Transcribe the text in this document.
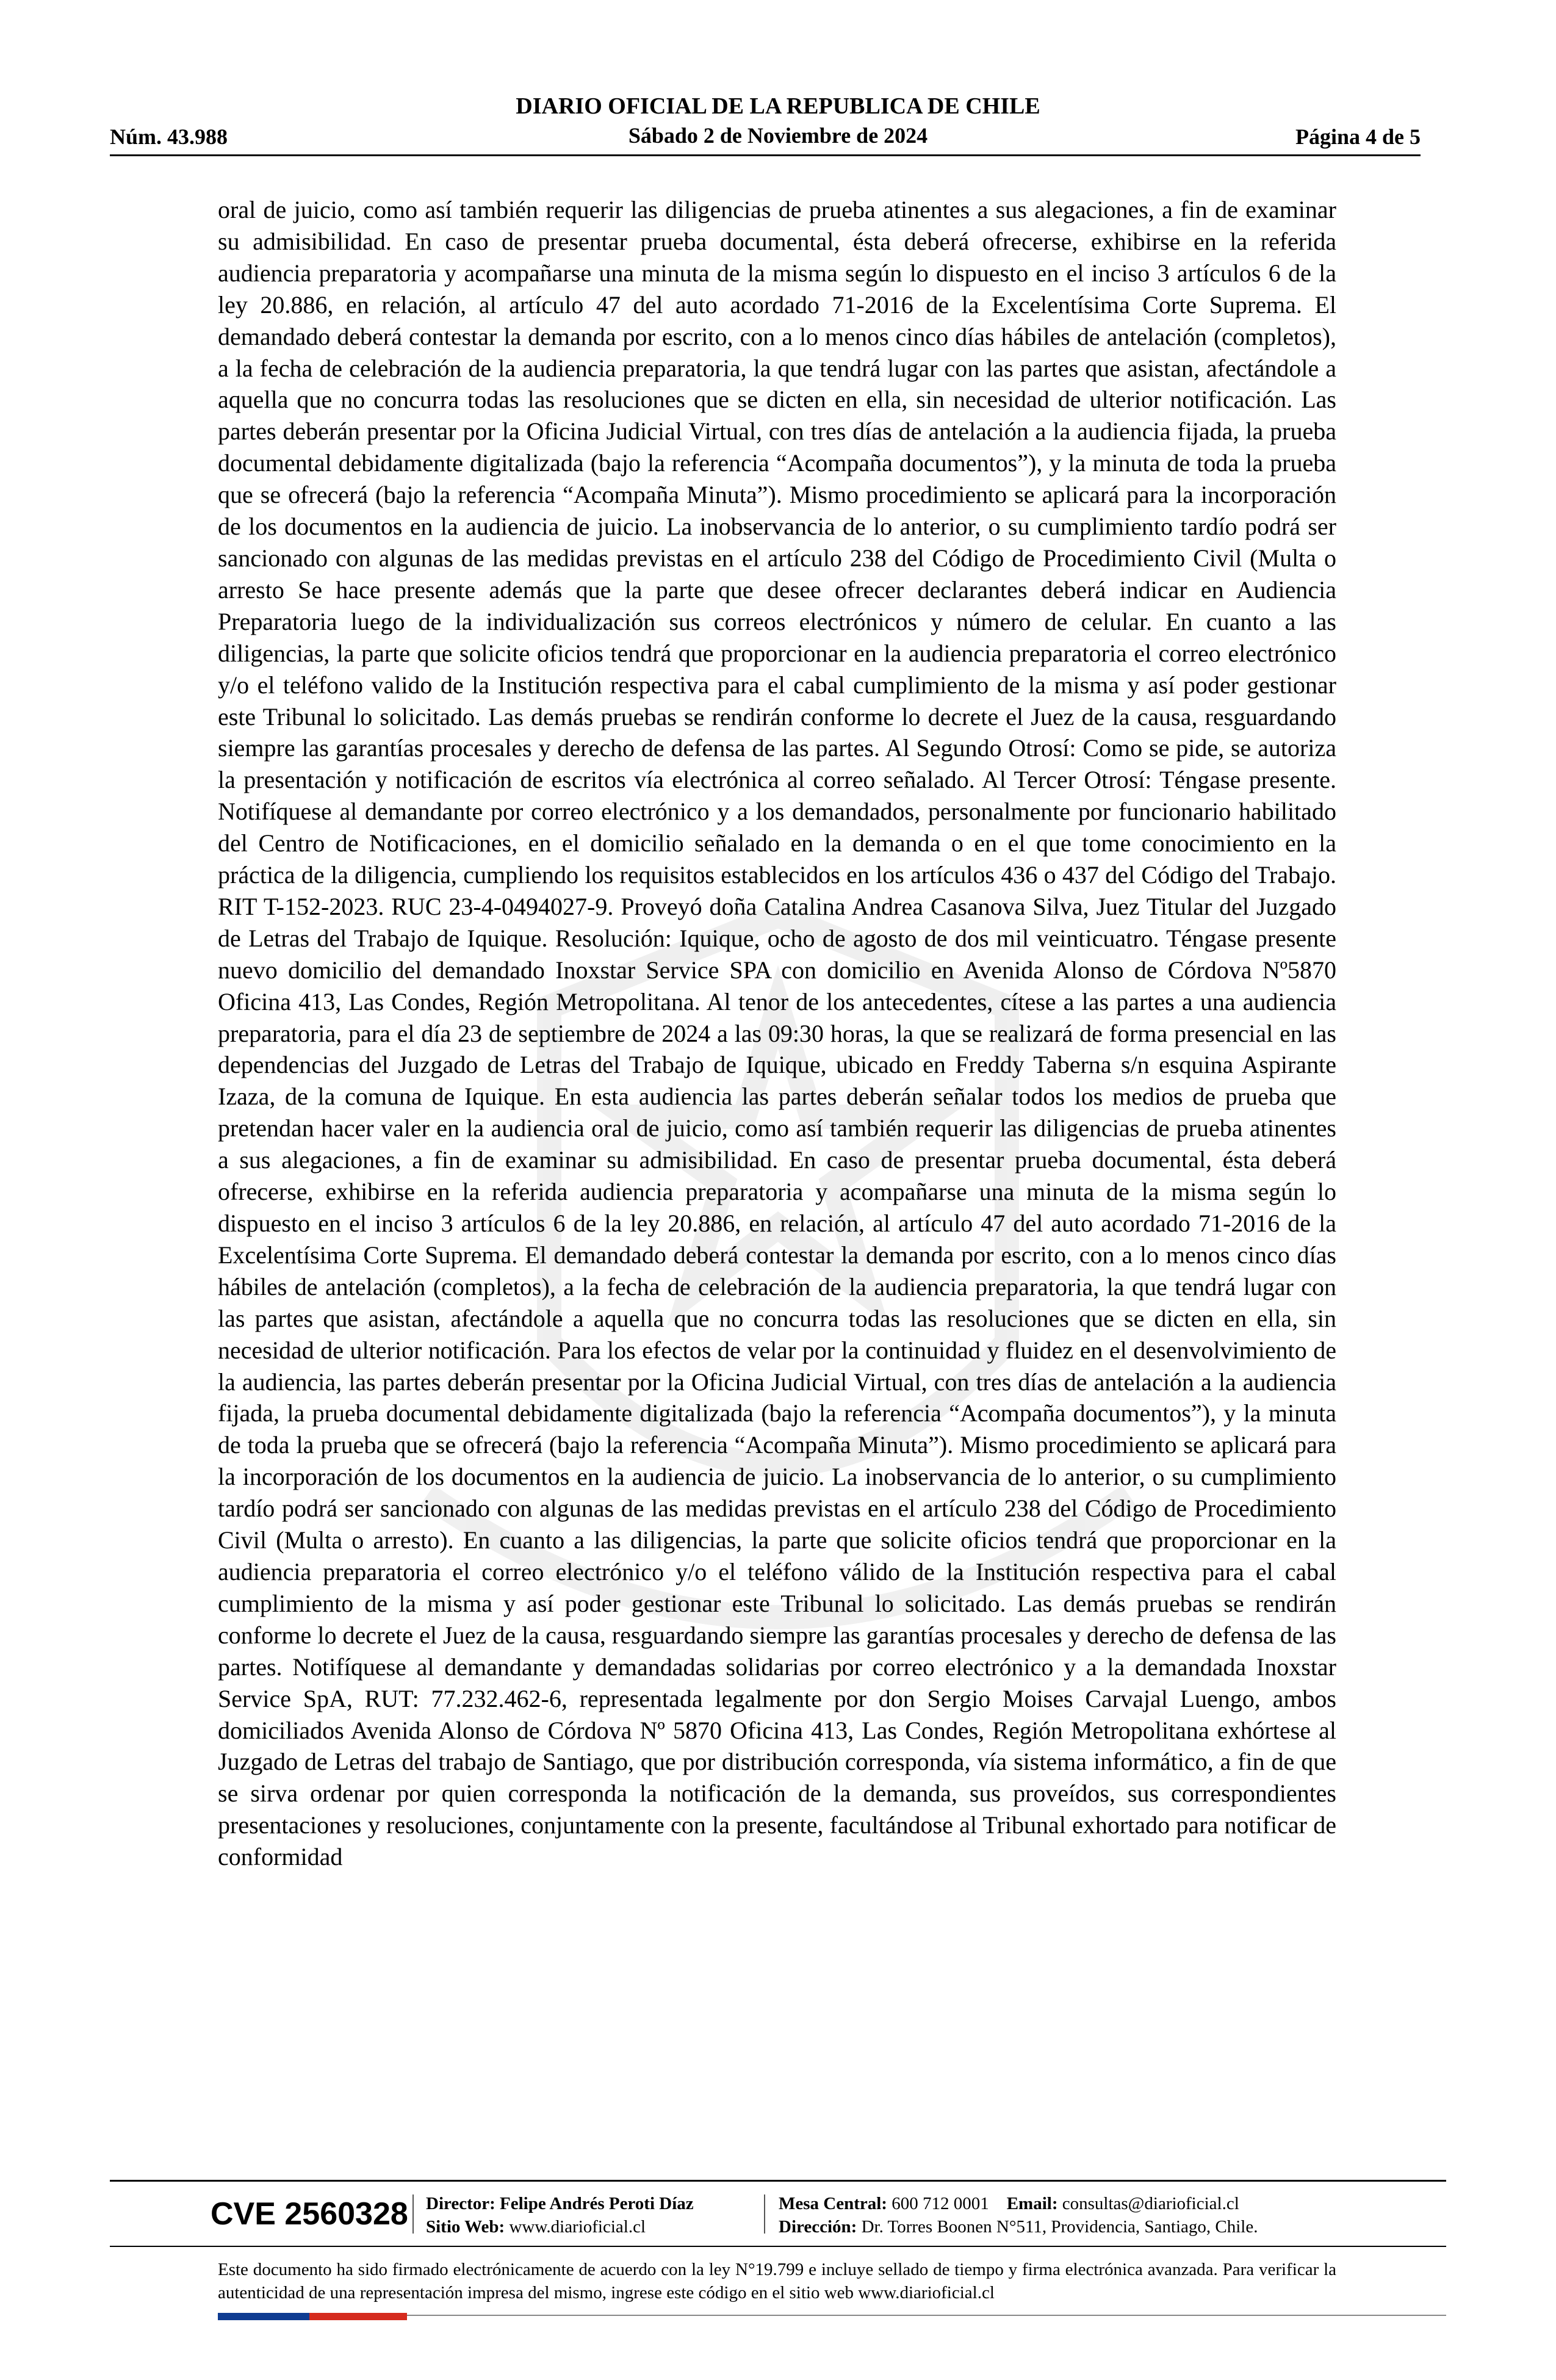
DIARIO OFICIAL DE LA REPUBLICA DE CHILE
Sábado 2 de Noviembre de 2024
Núm. 43.988	Página 4 de 5

oral de juicio, como así también requerir las diligencias de prueba atinentes a sus alegaciones, a fin de examinar su admisibilidad. En caso de presentar prueba documental, ésta deberá ofrecerse, exhibirse en la referida audiencia preparatoria y acompañarse una minuta de la misma según lo dispuesto en el inciso 3 artículos 6 de la ley 20.886, en relación, al artículo 47 del auto acordado 71-2016 de la Excelentísima Corte Suprema. El demandado deberá contestar la demanda por escrito, con a lo menos cinco días hábiles de antelación (completos), a la fecha de celebración de la audiencia preparatoria, la que tendrá lugar con las partes que asistan, afectándole a aquella que no concurra todas las resoluciones que se dicten en ella, sin necesidad de ulterior notificación. Las partes deberán presentar por la Oficina Judicial Virtual, con tres días de antelación a la audiencia fijada, la prueba documental debidamente digitalizada (bajo la referencia “Acompaña documentos”), y la minuta de toda la prueba que se ofrecerá (bajo la referencia “Acompaña Minuta”). Mismo procedimiento se aplicará para la incorporación de los documentos en la audiencia de juicio. La inobservancia de lo anterior, o su cumplimiento tardío podrá ser sancionado con algunas de las medidas previstas en el artículo 238 del Código de Procedimiento Civil (Multa o arresto Se hace presente además que la parte que desee ofrecer declarantes deberá indicar en Audiencia Preparatoria luego de la individualización sus correos electrónicos y número de celular. En cuanto a las diligencias, la parte que solicite oficios tendrá que proporcionar en la audiencia preparatoria el correo electrónico y/o el teléfono valido de la Institución respectiva para el cabal cumplimiento de la misma y así poder gestionar este Tribunal lo solicitado. Las demás pruebas se rendirán conforme lo decrete el Juez de la causa, resguardando siempre las garantías procesales y derecho de defensa de las partes. Al Segundo Otrosí: Como se pide, se autoriza la presentación y notificación de escritos vía electrónica al correo señalado. Al Tercer Otrosí: Téngase presente. Notifíquese al demandante por correo electrónico y a los demandados, personalmente por funcionario habilitado del Centro de Notificaciones, en el domicilio señalado en la demanda o en el que tome conocimiento en la práctica de la diligencia, cumpliendo los requisitos establecidos en los artículos 436 o 437 del Código del Trabajo. RIT T-152-2023. RUC 23-4-0494027-9. Proveyó doña Catalina Andrea Casanova Silva, Juez Titular del Juzgado de Letras del Trabajo de Iquique. Resolución: Iquique, ocho de agosto de dos mil veinticuatro. Téngase presente nuevo domicilio del demandado Inoxstar Service SPA con domicilio en Avenida Alonso de Córdova Nº5870 Oficina 413, Las Condes, Región Metropolitana. Al tenor de los antecedentes, cítese a las partes a una audiencia preparatoria, para el día 23 de septiembre de 2024 a las 09:30 horas, la que se realizará de forma presencial en las dependencias del Juzgado de Letras del Trabajo de Iquique, ubicado en Freddy Taberna s/n esquina Aspirante Izaza, de la comuna de Iquique. En esta audiencia las partes deberán señalar todos los medios de prueba que pretendan hacer valer en la audiencia oral de juicio, como así también requerir las diligencias de prueba atinentes a sus alegaciones, a fin de examinar su admisibilidad. En caso de presentar prueba documental, ésta deberá ofrecerse, exhibirse en la referida audiencia preparatoria y acompañarse una minuta de la misma según lo dispuesto en el inciso 3 artículos 6 de la ley 20.886, en relación, al artículo 47 del auto acordado 71-2016 de la Excelentísima Corte Suprema. El demandado deberá contestar la demanda por escrito, con a lo menos cinco días hábiles de antelación (completos), a la fecha de celebración de la audiencia preparatoria, la que tendrá lugar con las partes que asistan, afectándole a aquella que no concurra todas las resoluciones que se dicten en ella, sin necesidad de ulterior notificación. Para los efectos de velar por la continuidad y fluidez en el desenvolvimiento de la audiencia, las partes deberán presentar por la Oficina Judicial Virtual, con tres días de antelación a la audiencia fijada, la prueba documental debidamente digitalizada (bajo la referencia “Acompaña documentos”), y la minuta de toda la prueba que se ofrecerá (bajo la referencia “Acompaña Minuta”). Mismo procedimiento se aplicará para la incorporación de los documentos en la audiencia de juicio. La inobservancia de lo anterior, o su cumplimiento tardío podrá ser sancionado con algunas de las medidas previstas en el artículo 238 del Código de Procedimiento Civil (Multa o arresto). En cuanto a las diligencias, la parte que solicite oficios tendrá que proporcionar en la audiencia preparatoria el correo electrónico y/o el teléfono válido de la Institución respectiva para el cabal cumplimiento de la misma y así poder gestionar este Tribunal lo solicitado. Las demás pruebas se rendirán conforme lo decrete el Juez de la causa, resguardando siempre las garantías procesales y derecho de defensa de las partes. Notifíquese al demandante y demandadas solidarias por correo electrónico y a la demandada Inoxstar Service SpA, RUT: 77.232.462-6, representada legalmente por don Sergio Moises Carvajal Luengo, ambos domiciliados Avenida Alonso de Córdova Nº 5870 Oficina 413, Las Condes, Región Metropolitana exhórtese al Juzgado de Letras del trabajo de Santiago, que por distribución corresponda, vía sistema informático, a fin de que se sirva ordenar por quien corresponda la notificación de la demanda, sus proveídos, sus correspondientes presentaciones y resoluciones, conjuntamente con la presente, facultándose al Tribunal exhortado para notificar de conformidad

CVE 2560328 Director: Felipe Andrés Peroti Díaz
Sitio Web: www.diarioficial.cl
Mesa Central: 600 712 0001 Email: consultas@diarioficial.cl
Dirección: Dr. Torres Boonen N°511, Providencia, Santiago, Chile.

Este documento ha sido firmado electrónicamente de acuerdo con la ley N°19.799 e incluye sellado de tiempo y firma electrónica avanzada. Para verificar la autenticidad de una representación impresa del mismo, ingrese este código en el sitio web www.diarioficial.cl
